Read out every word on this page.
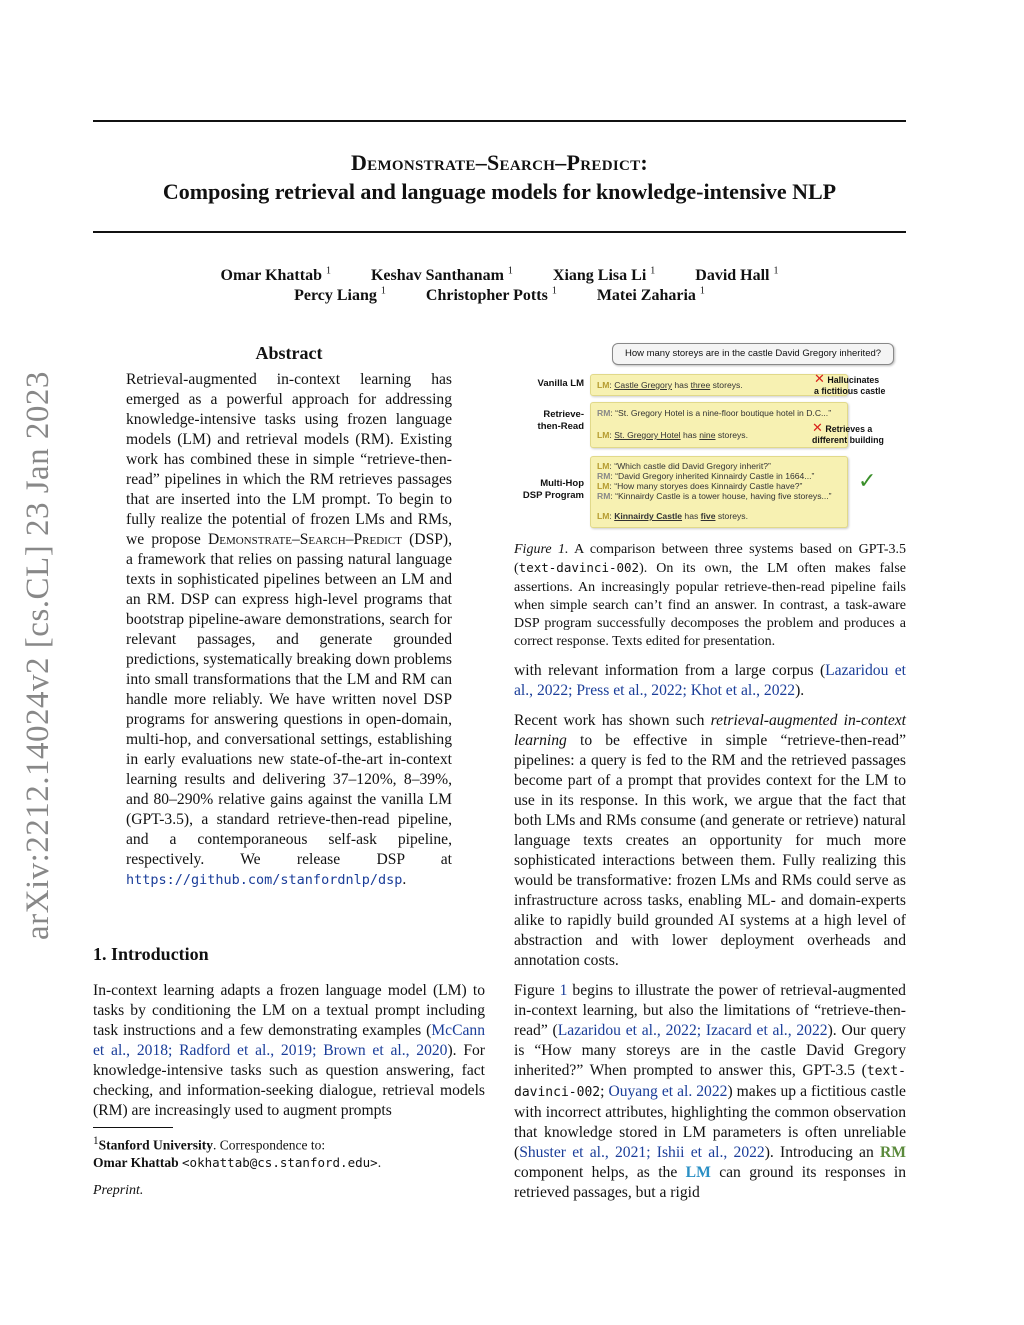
Demonstrate–Search–Predict:
Composing retrieval and language models for knowledge-intensive NLP
Omar Khattab $^1$	Keshav Santhanam $^1$	Xiang Lisa Li $^1$	David Hall $^1$
Percy Liang $^1$	Christopher Potts $^1$	Matei Zaharia $^1$
arXiv:2212.14024v2 [cs.CL] 23 Jan 2023
Abstract
Retrieval-augmented in-context learning has emerged as a powerful approach for addressing knowledge-intensive tasks using frozen language models (LM) and retrieval models (RM). Existing work has combined these in simple “retrieve-then-read” pipelines in which the RM retrieves passages that are inserted into the LM prompt. To begin to fully realize the potential of frozen LMs and RMs, we propose Demonstrate–Search–Predict (DSP), a framework that relies on passing natural language texts in sophisticated pipelines between an LM and an RM. DSP can express high-level programs that bootstrap pipeline-aware demonstrations, search for relevant passages, and generate grounded predictions, systematically breaking down problems into small transformations that the LM and RM can handle more reliably. We have written novel DSP programs for answering questions in open-domain, multi-hop, and conversational settings, establishing in early evaluations new state-of-the-art in-context learning results and delivering 37–120%, 8–39%, and 80–290% relative gains against the vanilla LM (GPT-3.5), a standard retrieve-then-read pipeline, and a contemporaneous self-ask pipeline, respectively. We release DSP at https://github.com/stanfordnlp/dsp.
1. Introduction
In-context learning adapts a frozen language model (LM) to tasks by conditioning the LM on a textual prompt including task instructions and a few demonstrating examples (McCann et al., 2018; Radford et al., 2019; Brown et al., 2020). For knowledge-intensive tasks such as question answering, fact checking, and information-seeking dialogue, retrieval models (RM) are increasingly used to augment prompts
$^1$Stanford University. Correspondence to:
Omar Khattab <okhattab@cs.stanford.edu>.
Preprint.
How many storeys are in the castle David Gregory inherited?
Vanilla LM
Retrieve-
then-Read
Multi-Hop
DSP Program
LM: Castle Gregory has three storeys.	✕ Hallucinates
a fictitious castle
RM: “St. Gregory Hotel is a nine-floor boutique hotel in D.C...”
LM: St. Gregory Hotel has nine storeys.	✕ Retrieves a
different building
LM: “Which castle did David Gregory inherit?”
RM: “David Gregory inherited Kinnairdy Castle in 1664...”
LM: “How many storyes does Kinnairdy Castle have?”
RM: “Kinnairdy Castle is a tower house, having five storeys...”
LM: Kinnairdy Castle has five storeys.
✓
Figure 1. A comparison between three systems based on GPT-3.5 (text-davinci-002). On its own, the LM often makes false assertions. An increasingly popular retrieve-then-read pipeline fails when simple search can’t find an answer. In contrast, a task-aware DSP program successfully decomposes the problem and produces a correct response. Texts edited for presentation.
with relevant information from a large corpus (Lazaridou et al., 2022; Press et al., 2022; Khot et al., 2022).
Recent work has shown such retrieval-augmented in-context learning to be effective in simple “retrieve-then-read” pipelines: a query is fed to the RM and the retrieved passages become part of a prompt that provides context for the LM to use in its response. In this work, we argue that the fact that both LMs and RMs consume (and generate or retrieve) natural language texts creates an opportunity for much more sophisticated interactions between them. Fully realizing this would be transformative: frozen LMs and RMs could serve as infrastructure across tasks, enabling ML- and domain-experts alike to rapidly build grounded AI systems at a high level of abstraction and with lower deployment overheads and annotation costs.
Figure 1 begins to illustrate the power of retrieval-augmented in-context learning, but also the limitations of “retrieve-then-read” (Lazaridou et al., 2022; Izacard et al., 2022). Our query is “How many storeys are in the castle David Gregory inherited?” When prompted to answer this, GPT-3.5 (text-davinci-002; Ouyang et al. 2022) makes up a fictitious castle with incorrect attributes, highlighting the common observation that knowledge stored in LM parameters is often unreliable (Shuster et al., 2021; Ishii et al., 2022). Introducing an RM component helps, as the LM can ground its responses in retrieved passages, but a rigid
